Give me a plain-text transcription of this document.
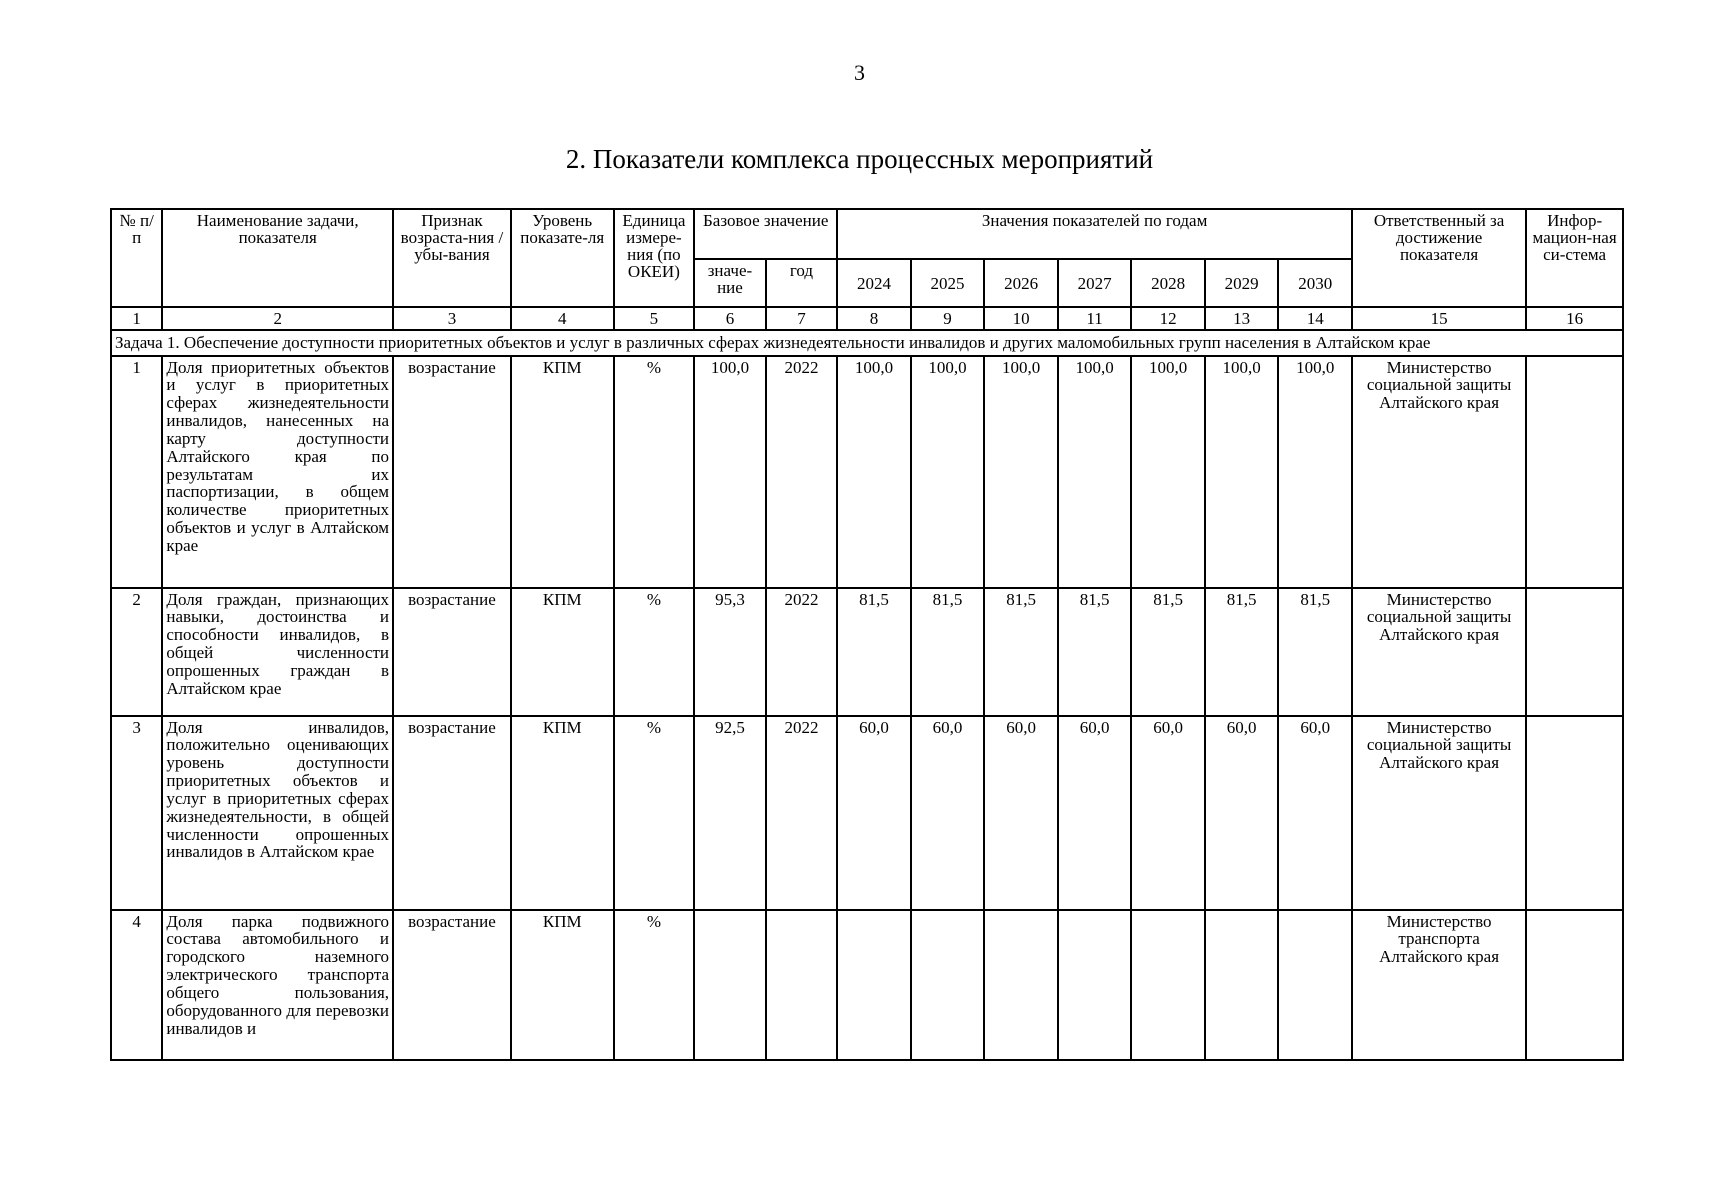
3
2. Показатели комплекса процессных мероприятий
№ п/п	Наименование задачи, показателя	Признак возраста-ния / убы-вания	Уровень показате-ля	Единица измере-ния (по ОКЕИ)	Базовое значение		Значения показателей по годам							Ответственный за достижение показателя	Инфор-мацион-ная си-стема
					значе-ние	год	2024	2025	2026	2027	2028	2029	2030		
1	2	3	4	5	6	7	8	9	10	11	12	13	14	15	16
Задача 1. Обеспечение доступности приоритетных объектов и услуг в различных сферах жизнедеятельности инвалидов и других маломобильных групп населения в Алтайском крае															
1	Доля приоритетных объектов и услуг в приоритетных сферах жизнедеятельности инвалидов, нанесенных на карту доступности Алтайского края по результатам их паспортизации, в общем количестве приоритетных объектов и услуг в Алтайском крае	возрастание	КПМ	%	100,0	2022	100,0	100,0	100,0	100,0	100,0	100,0	100,0	Министерство социальной защиты Алтайского края	
2	Доля граждан, признающих навыки, достоинства и способности инвалидов, в общей численности опрошенных граждан в Алтайском крае	возрастание	КПМ	%	95,3	2022	81,5	81,5	81,5	81,5	81,5	81,5	81,5	Министерство социальной защиты Алтайского края	
3	Доля инвалидов, положительно оценивающих уровень доступности приоритетных объектов и услуг в приоритетных сферах жизнедеятельности, в общей численности опрошенных инвалидов в Алтайском крае	возрастание	КПМ	%	92,5	2022	60,0	60,0	60,0	60,0	60,0	60,0	60,0	Министерство социальной защиты Алтайского края	
4	Доля парка подвижного состава автомобильного и городского наземного электрического транспорта общего пользования, оборудованного для перевозки инвалидов и	возрастание	КПМ	%										Министерство транспорта Алтайского края	
